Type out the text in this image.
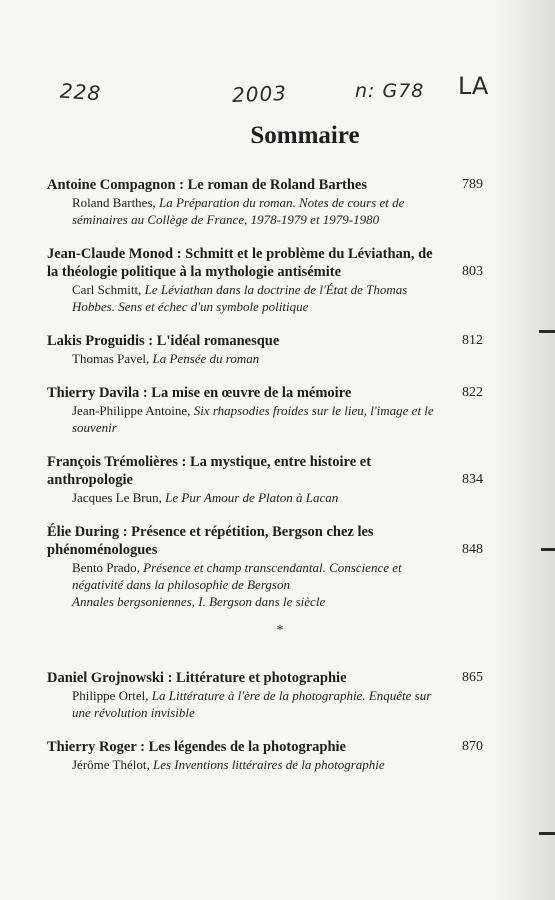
228	2003	n: G78 LA
Sommaire
Antoine Compagnon : Le roman de Roland Barthes	789
Roland Barthes, La Préparation du roman. Notes de cours et de séminaires au Collège de France, 1978-1979 et 1979-1980
Jean-Claude Monod : Schmitt et le problème du Léviathan, de la théologie politique à la mythologie antisémite	803
Carl Schmitt, Le Léviathan dans la doctrine de l'État de Thomas Hobbes. Sens et échec d'un symbole politique
Lakis Proguidis : L'idéal romanesque	812
Thomas Pavel, La Pensée du roman
Thierry Davila : La mise en œuvre de la mémoire	822
Jean-Philippe Antoine, Six rhapsodies froides sur le lieu, l'image et le souvenir
François Trémolières : La mystique, entre histoire et anthropologie	834
Jacques Le Brun, Le Pur Amour de Platon à Lacan
Élie During : Présence et répétition, Bergson chez les phénoménologues	848
Bento Prado, Présence et champ transcendantal. Conscience et négativité dans la philosophie de Bergson
Annales bergsoniennes, I. Bergson dans le siècle
*
Daniel Grojnowski : Littérature et photographie	865
Philippe Ortel, La Littérature à l'ère de la photographie. Enquête sur une révolution invisible
Thierry Roger : Les légendes de la photographie	870
Jérôme Thélot, Les Inventions littéraires de la photographie
